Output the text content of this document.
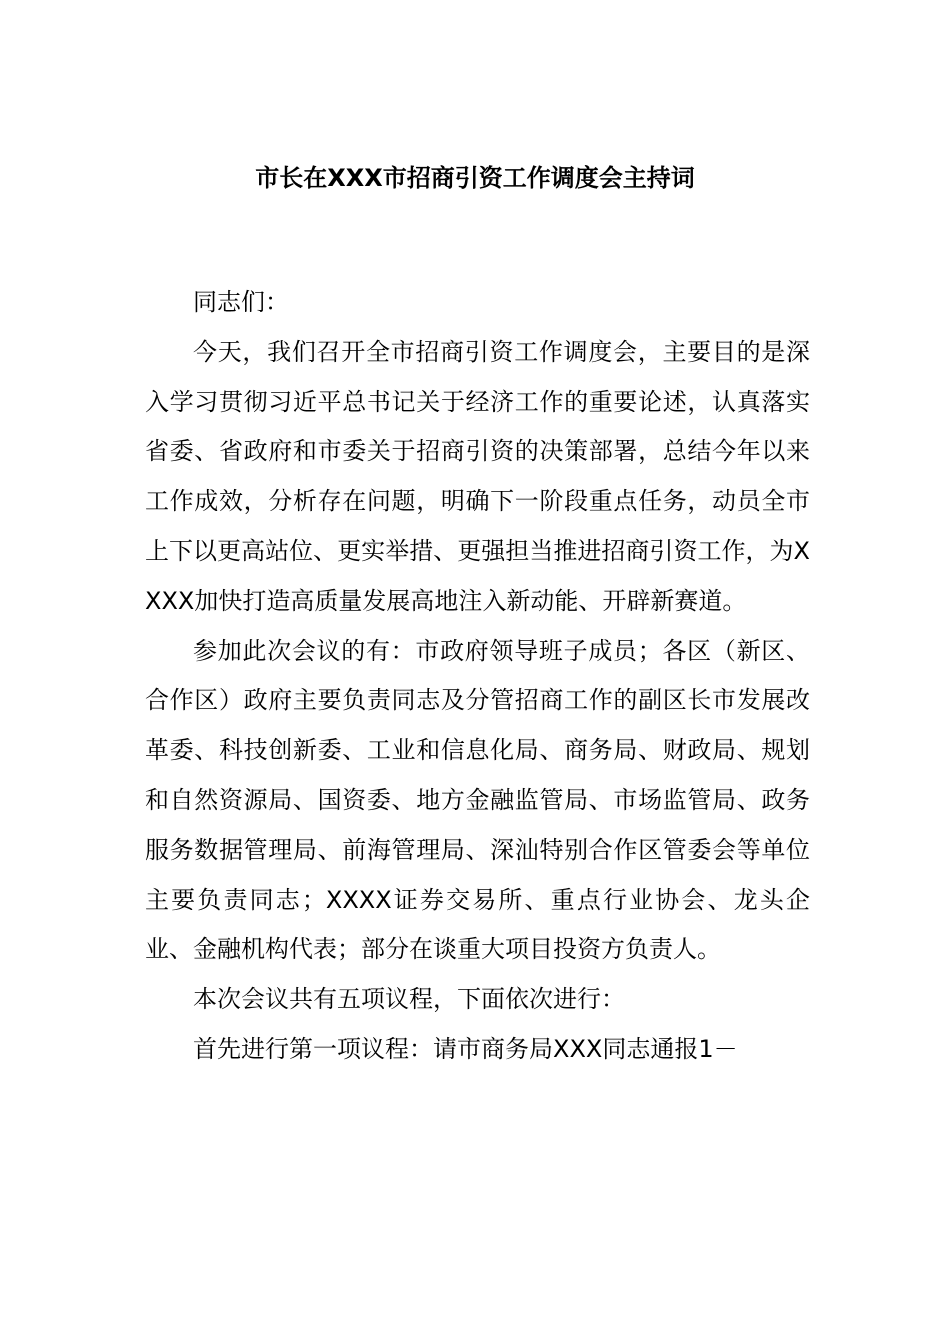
市长在XXX市招商引资工作调度会主持词

同志们：

今天，我们召开全市招商引资工作调度会，主要目的是深入学习贯彻习近平总书记关于经济工作的重要论述，认真落实省委、省政府和市委关于招商引资的决策部署，总结今年以来工作成效，分析存在问题，明确下一阶段重点任务，动员全市上下以更高站位、更实举措、更强担当推进招商引资工作，为XXXX加快打造高质量发展高地注入新动能、开辟新赛道。

参加此次会议的有：市政府领导班子成员；各区（新区、合作区）政府主要负责同志及分管招商工作的副区长市发展改革委、科技创新委、工业和信息化局、商务局、财政局、规划和自然资源局、国资委、地方金融监管局、市场监管局、政务服务数据管理局、前海管理局、深汕特别合作区管委会等单位主要负责同志；XXXX证券交易所、重点行业协会、龙头企业、金融机构代表；部分在谈重大项目投资方负责人。

本次会议共有五项议程，下面依次进行：

首先进行第一项议程：请市商务局XXX同志通报1－
